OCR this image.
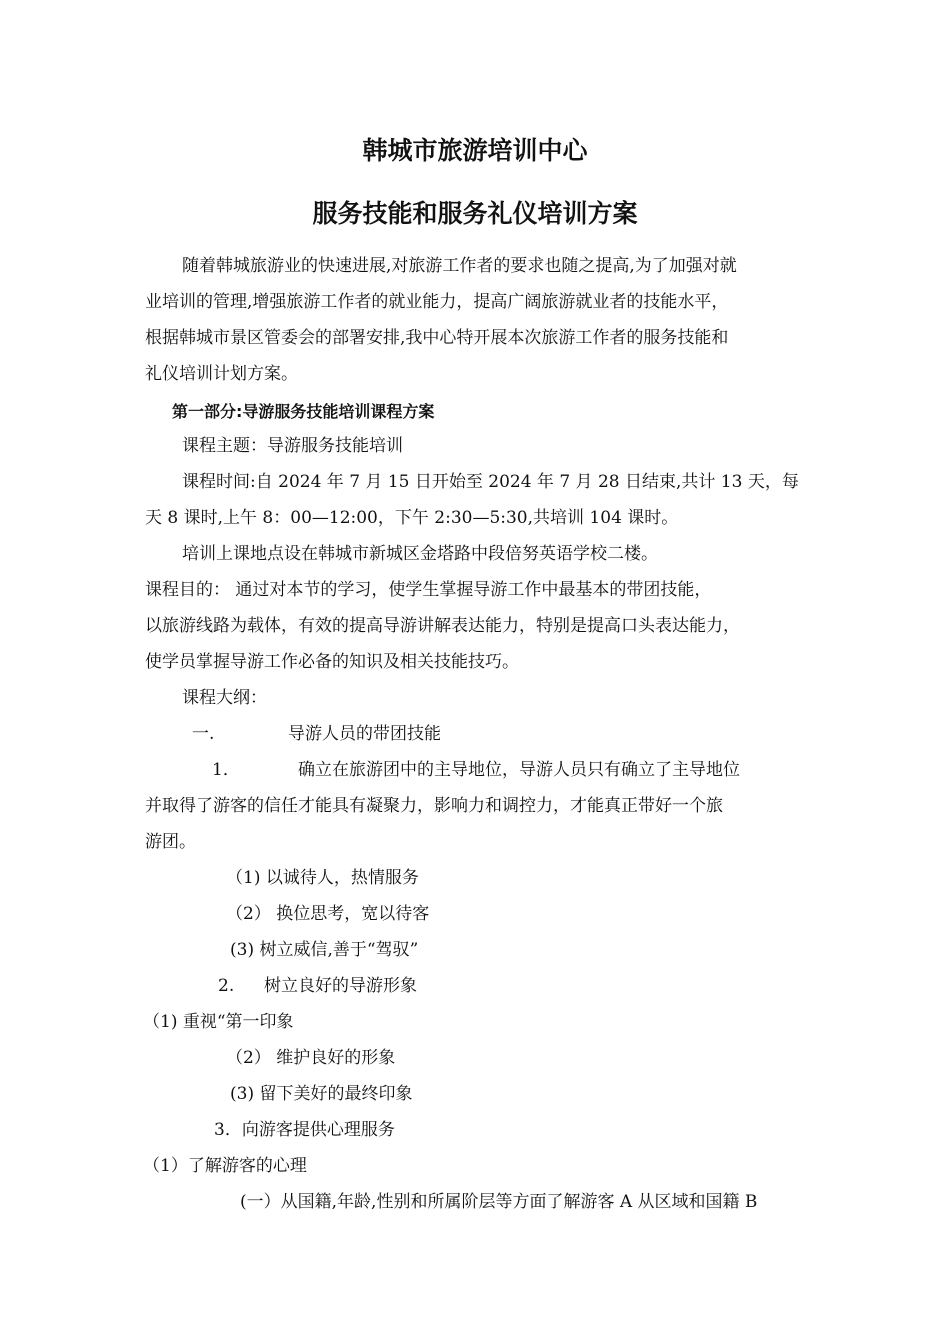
韩城市旅游培训中心
服务技能和服务礼仪培训方案
随着韩城旅游业的快速进展,对旅游工作者的要求也随之提高,为了加强对就
业培训的管理,增强旅游工作者的就业能力，提高广阔旅游就业者的技能水平，
根据韩城市景区管委会的部署安排,我中心特开展本次旅游工作者的服务技能和
礼仪培训计划方案。
第一部分:导游服务技能培训课程方案
课程主题：导游服务技能培训
课程时间:自 2024 年 7 月 15 日开始至 2024 年 7 月 28 日结束,共计 13 天，每
天 8 课时,上午 8：00—12:00，下午 2:30—5:30,共培训 104 课时。
培训上课地点设在韩城市新城区金塔路中段倍努英语学校二楼。
课程目的： 通过对本节的学习，使学生掌握导游工作中最基本的带团技能，
以旅游线路为载体，有效的提高导游讲解表达能力，特别是提高口头表达能力，
使学员掌握导游工作必备的知识及相关技能技巧。
课程大纲：
一.	导游人员的带团技能
1．	确立在旅游团中的主导地位，导游人员只有确立了主导地位
并取得了游客的信任才能具有凝聚力，影响力和调控力，才能真正带好一个旅
游团。
（1) 以诚待人，热情服务
（2） 换位思考，宽以待客
(3) 树立威信,善于“驾驭”
2. 树立良好的导游形象
（1) 重视“第一印象
（2） 维护良好的形象
(3) 留下美好的最终印象
3．向游客提供心理服务
（1）了解游客的心理
(一）从国籍,年龄,性别和所属阶层等方面了解游客 A 从区域和国籍 B
